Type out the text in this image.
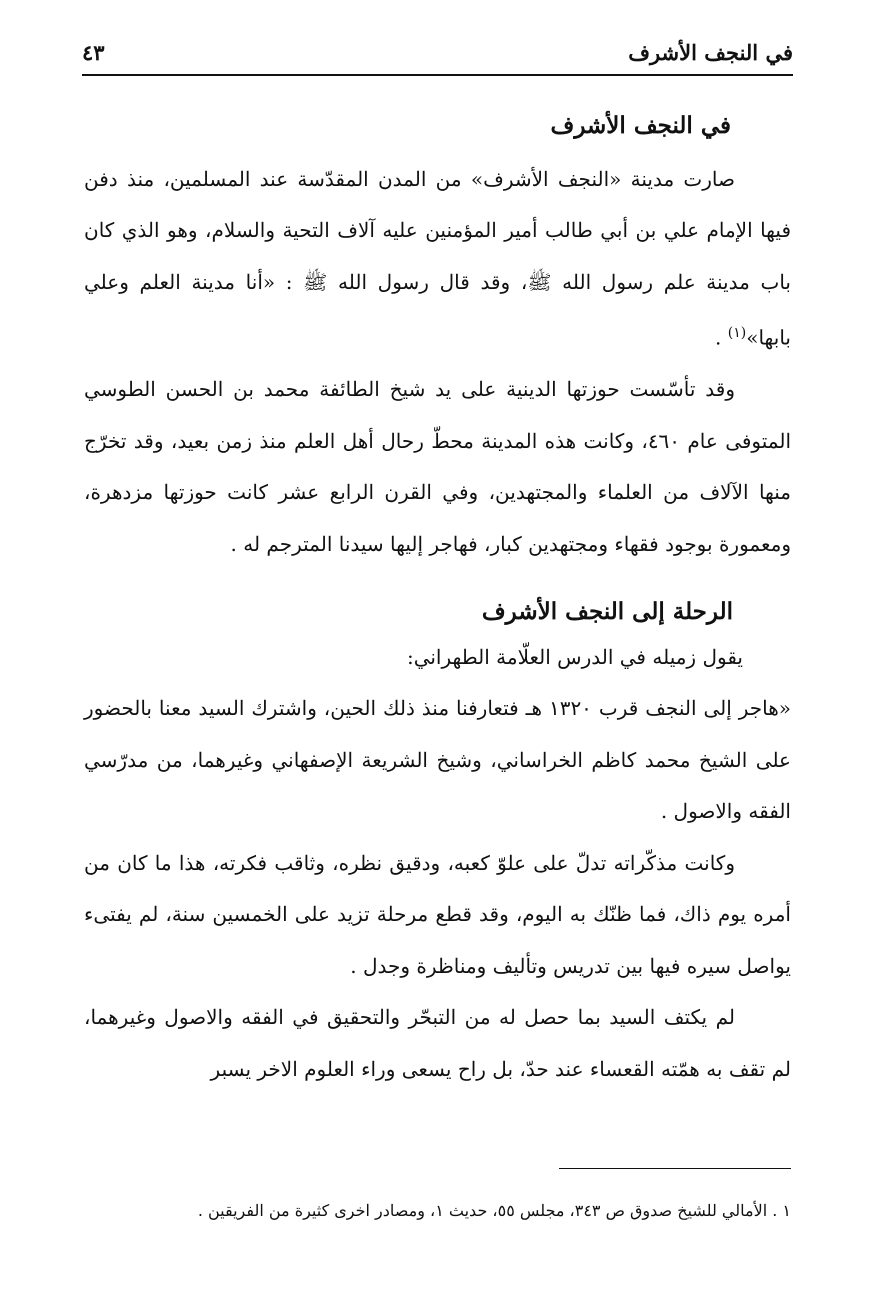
في النجف الأشرف
٤٣
في النجف الأشرف

صارت مدينة «النجف الأشرف» من المدن المقدّسة عند المسلمين، منذ دفن فيها الإمام علي بن أبي طالب أمير المؤمنين عليه آلاف التحية والسلام، وهو الذي كان باب مدينة علم رسول الله ﷺ، وقد قال رسول الله ﷺ : «أنا مدينة العلم وعلي بابها»$^{(١)}$ .

وقد تأسّست حوزتها الدينية على يد شيخ الطائفة محمد بن الحسن الطوسي المتوفى عام ٤٦٠، وكانت هذه المدينة محطّ رحال أهل العلم منذ زمن بعيد، وقد تخرّج منها الآلاف من العلماء والمجتهدين، وفي القرن الرابع عشر كانت حوزتها مزدهرة، ومعمورة بوجود فقهاء ومجتهدين كبار، فهاجر إليها سيدنا المترجم له .

الرحلة إلى النجف الأشرف

يقول زميله في الدرس العلّامة الطهراني:

«هاجر إلى النجف قرب ١٣٢٠ هـ فتعارفنا منذ ذلك الحين، واشترك السيد معنا بالحضور على الشيخ محمد كاظم الخراساني، وشيخ الشريعة الإصفهاني وغيرهما، من مدرّسي الفقه والاصول .

وكانت مذكّراته تدلّ على علوّ كعبه، ودقيق نظره، وثاقب فكرته، هذا ما كان من أمره يوم ذاك، فما ظنّك به اليوم، وقد قطع مرحلة تزيد على الخمسين سنة، لم يفتىء يواصل سيره فيها بين تدريس وتأليف ومناظرة وجدل .

لم يكتف السيد بما حصل له من التبحّر والتحقيق في الفقه والاصول وغيرهما، لم تقف به همّته القعساء عند حدّ، بل راح يسعى وراء العلوم الاخر يسبر

١ . الأمالي للشيخ صدوق ص ٣٤٣، مجلس ٥٥، حديث ١، ومصادر اخرى كثيرة من الفريقين .
